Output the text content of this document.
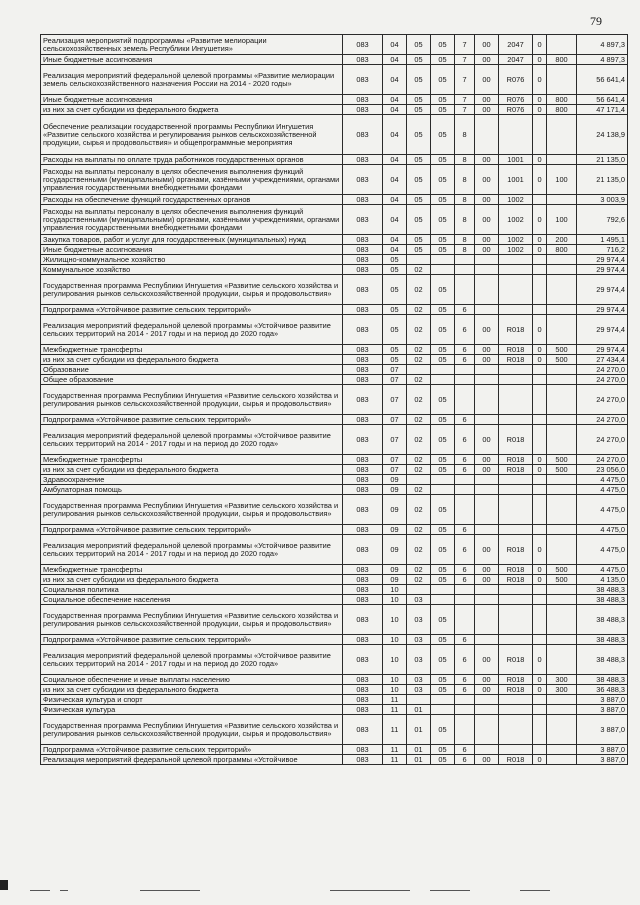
79
Реализация мероприятий подпрограммы «Развитие мелиорации сельскохозяйственных земель Республики Ингушетия»	083	04	05	05	7	00	2047	0		4 897,3
Иные бюджетные ассигнования	083	04	05	05	7	00	2047	0	800	4 897,3
Реализация мероприятий федеральной целевой программы «Развитие мелиорации земель сельскохозяйственного назначения России на 2014 - 2020 годы»	083	04	05	05	7	00	R076	0		56 641,4
Иные бюджетные ассигнования	083	04	05	05	7	00	R076	0	800	56 641,4
из них за счет субсидии из федерального бюджета	083	04	05	05	7	00	R076	0	800	47 171,4
Обеспечение реализации государственной программы Республики Ингушетия «Развитие сельского хозяйства и регулирования рынков сельскохозяйственной продукции, сырья и продовольствия» и общепрограммные мероприятия	083	04	05	05	8					24 138,9
Расходы на выплаты по оплате труда работников государственных органов	083	04	05	05	8	00	1001	0		21 135,0
Расходы на выплаты персоналу в целях обеспечения выполнения функций государственными (муниципальными) органами, казёнными учреждениями, органами управления государственными внебюджетными фондами	083	04	05	05	8	00	1001	0	100	21 135,0
Расходы на обеспечение функций государственных органов	083	04	05	05	8	00	1002			3 003,9
Расходы на выплаты персоналу в целях обеспечения выполнения функций государственными (муниципальными) органами, казёнными учреждениями, органами управления государственными внебюджетными фондами	083	04	05	05	8	00	1002	0	100	792,6
Закупка товаров, работ и услуг для государственных (муниципальных) нужд	083	04	05	05	8	00	1002	0	200	1 495,1
Иные бюджетные ассигнования	083	04	05	05	8	00	1002	0	800	716,2
Жилищно-коммунальное хозяйство	083	05								29 974,4
Коммунальное хозяйство	083	05	02							29 974,4
Государственная программа Республики Ингушетия «Развитие сельского хозяйства и регулирования рынков сельскохозяйственной продукции, сырья и продовольствия»	083	05	02	05						29 974,4
Подпрограмма «Устойчивое развитие сельских территорий»	083	05	02	05	6					29 974,4
Реализация мероприятий федеральной целевой программы «Устойчивое развитие сельских территорий на 2014 - 2017 годы и на период до 2020 года»	083	05	02	05	6	00	R018	0		29 974,4
Межбюджетные трансферты	083	05	02	05	6	00	R018	0	500	29 974,4
из них за счет субсидии из федерального бюджета	083	05	02	05	6	00	R018	0	500	27 434,4
Образование	083	07								24 270,0
Общее образование	083	07	02							24 270,0
Государственная программа Республики Ингушетия «Развитие сельского хозяйства и регулирования рынков сельскохозяйственной продукции, сырья и продовольствия»	083	07	02	05						24 270,0
Подпрограмма «Устойчивое развитие сельских территорий»	083	07	02	05	6					24 270,0
Реализация мероприятий федеральной целевой программы «Устойчивое развитие сельских территорий на 2014 - 2017 годы и на период до 2020 года»	083	07	02	05	6	00	R018			24 270,0
Межбюджетные трансферты	083	07	02	05	6	00	R018	0	500	24 270,0
из них за счет субсидии из федерального бюджета	083	07	02	05	6	00	R018	0	500	23 056,0
Здравоохранение	083	09								4 475,0
Амбулаторная помощь	083	09	02							4 475,0
Государственная программа Республики Ингушетия «Развитие сельского хозяйства и регулирования рынков сельскохозяйственной продукции, сырья и продовольствия»	083	09	02	05						4 475,0
Подпрограмма «Устойчивое развитие сельских территорий»	083	09	02	05	6					4 475,0
Реализация мероприятий федеральной целевой программы «Устойчивое развитие сельских территорий на 2014 - 2017 годы и на период до 2020 года»	083	09	02	05	6	00	R018	0		4 475,0
Межбюджетные трансферты	083	09	02	05	6	00	R018	0	500	4 475,0
из них за счет субсидии из федерального бюджета	083	09	02	05	6	00	R018	0	500	4 135,0
Социальная политика	083	10								38 488,3
Социальное обеспечение населения	083	10	03							38 488,3
Государственная программа Республики Ингушетия «Развитие сельского хозяйства и регулирования рынков сельскохозяйственной продукции, сырья и продовольствия»	083	10	03	05						38 488,3
Подпрограмма «Устойчивое развитие сельских территорий»	083	10	03	05	6					38 488,3
Реализация мероприятий федеральной целевой программы «Устойчивое развитие сельских территорий на 2014 - 2017 годы и на период до 2020 года»	083	10	03	05	6	00	R018	0		38 488,3
Социальное обеспечение и иные выплаты населению	083	10	03	05	6	00	R018	0	300	38 488,3
из них за счет субсидии из федерального бюджета	083	10	03	05	6	00	R018	0	300	36 488,3
Физическая культура и спорт	083	11								3 887,0
Физическая культура	083	11	01							3 887,0
Государственная программа Республики Ингушетия «Развитие сельского хозяйства и регулирования рынков сельскохозяйственной продукции, сырья и продовольствия»	083	11	01	05						3 887,0
Подпрограмма «Устойчивое развитие сельских территорий»	083	11	01	05	6					3 887,0
Реализация мероприятий федеральной целевой программы «Устойчивое	083	11	01	05	6	00	R018	0		3 887,0
